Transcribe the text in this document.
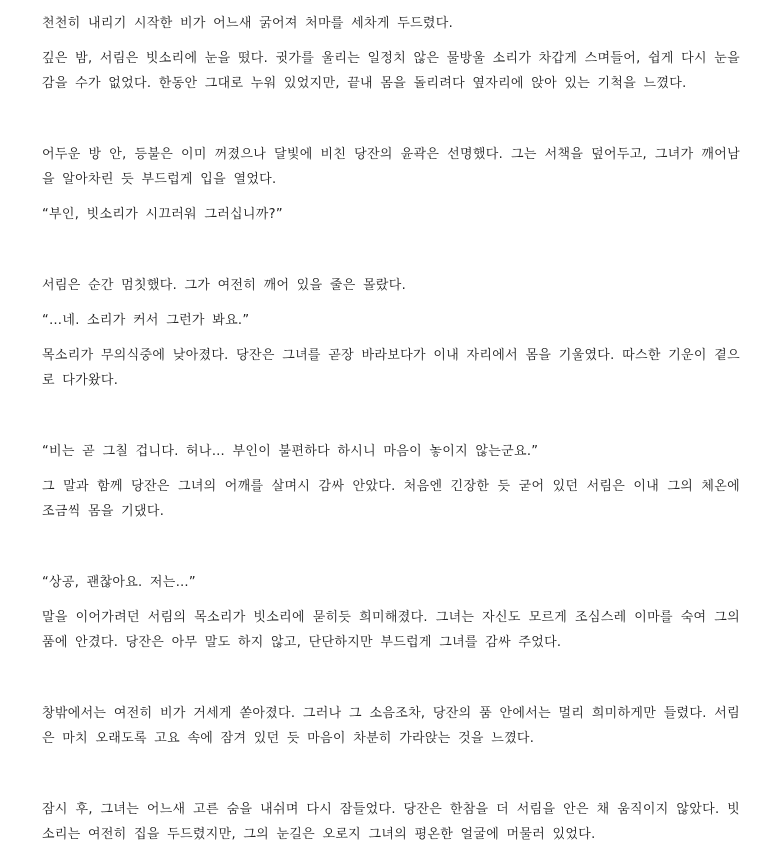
천천히 내리기 시작한 비가 어느새 굵어져 처마를 세차게 두드렸다.

깊은 밤, 서림은 빗소리에 눈을 떴다. 귓가를 울리는 일정치 않은 물방울 소리가 차갑게 스며들어, 쉽게 다시 눈을 감을 수가 없었다. 한동안 그대로 누워 있었지만, 끝내 몸을 돌리려다 옆자리에 앉아 있는 기척을 느꼈다.

어두운 방 안, 등불은 이미 꺼졌으나 달빛에 비친 당잔의 윤곽은 선명했다. 그는 서책을 덮어두고, 그녀가 깨어남을 알아차린 듯 부드럽게 입을 열었다.

“부인, 빗소리가 시끄러워 그러십니까?”

서림은 순간 멈칫했다. 그가 여전히 깨어 있을 줄은 몰랐다.

“…네. 소리가 커서 그런가 봐요.”

목소리가 무의식중에 낮아졌다. 당잔은 그녀를 곧장 바라보다가 이내 자리에서 몸을 기울였다. 따스한 기운이 곁으로 다가왔다.

“비는 곧 그칠 겁니다. 허나… 부인이 불편하다 하시니 마음이 놓이지 않는군요.”

그 말과 함께 당잔은 그녀의 어깨를 살며시 감싸 안았다. 처음엔 긴장한 듯 굳어 있던 서림은 이내 그의 체온에 조금씩 몸을 기댔다.

“상공, 괜찮아요. 저는…”

말을 이어가려던 서림의 목소리가 빗소리에 묻히듯 희미해졌다. 그녀는 자신도 모르게 조심스레 이마를 숙여 그의 품에 안겼다. 당잔은 아무 말도 하지 않고, 단단하지만 부드럽게 그녀를 감싸 주었다.

창밖에서는 여전히 비가 거세게 쏟아졌다. 그러나 그 소음조차, 당잔의 품 안에서는 멀리 희미하게만 들렸다. 서림은 마치 오래도록 고요 속에 잠겨 있던 듯 마음이 차분히 가라앉는 것을 느꼈다.

잠시 후, 그녀는 어느새 고른 숨을 내쉬며 다시 잠들었다. 당잔은 한참을 더 서림을 안은 채 움직이지 않았다. 빗소리는 여전히 집을 두드렸지만, 그의 눈길은 오로지 그녀의 평온한 얼굴에 머물러 있었다.
